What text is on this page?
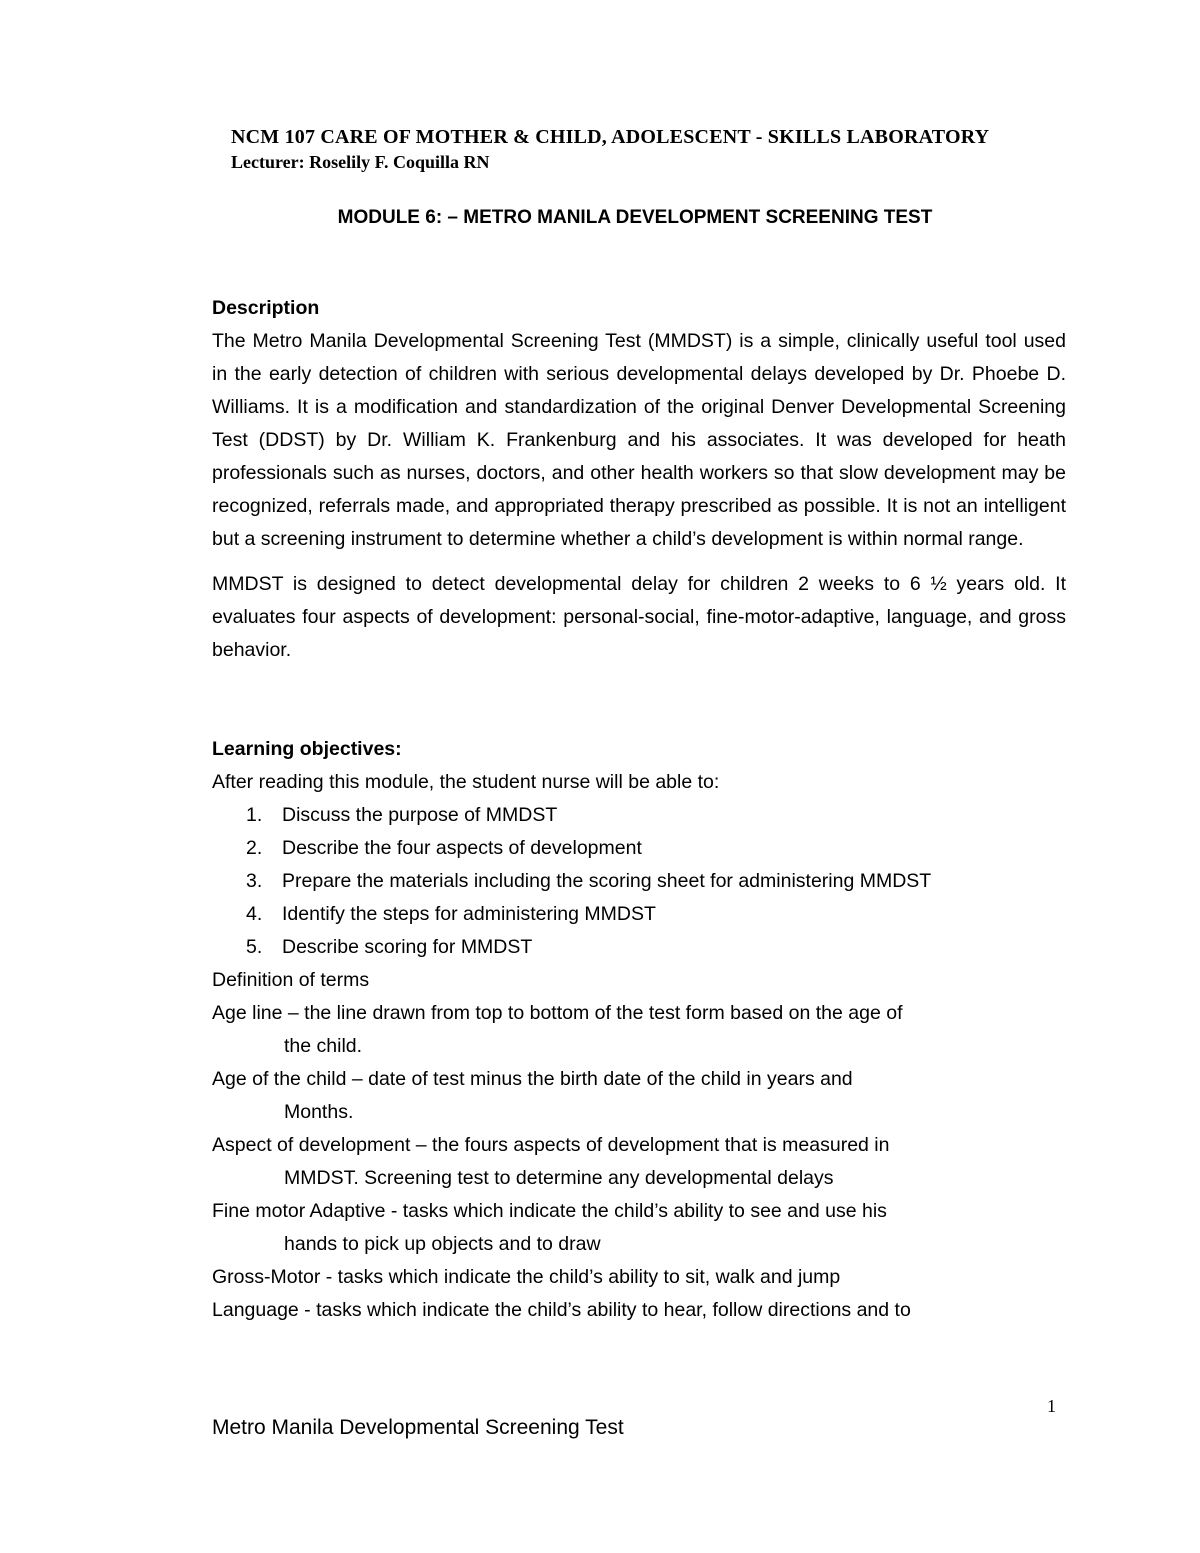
NCM 107 CARE OF MOTHER & CHILD, ADOLESCENT - SKILLS LABORATORY
Lecturer: Roselily F. Coquilla RN
MODULE 6: – METRO MANILA DEVELOPMENT SCREENING TEST

Description

The Metro Manila Developmental Screening Test (MMDST) is a simple, clinically useful tool used in the early detection of children with serious developmental delays developed by Dr. Phoebe D. Williams. It is a modification and standardization of the original Denver Developmental Screening Test (DDST) by Dr. William K. Frankenburg and his associates. It was developed for heath professionals such as nurses, doctors, and other health workers so that slow development may be recognized, referrals made, and appropriated therapy prescribed as possible. It is not an intelligent but a screening instrument to determine whether a child’s development is within normal range.

MMDST is designed to detect developmental delay for children 2 weeks to 6 ½ years old. It evaluates four aspects of development: personal-social, fine-motor-adaptive, language, and gross behavior.

Learning objectives:

After reading this module, the student nurse will be able to:

1.	Discuss the purpose of MMDST
2.	Describe the four aspects of development
3.	Prepare the materials including the scoring sheet for administering MMDST
4.	Identify the steps for administering MMDST
5.	Describe scoring for MMDST

Definition of terms

Age line – the line drawn from top to bottom of the test form based on the age of
the child.

Age of the child – date of test minus the birth date of the child in years and
Months.

Aspect of development – the fours aspects of development that is measured in
MMDST. Screening test to determine any developmental delays

Fine motor Adaptive - tasks which indicate the child’s ability to see and use his
hands to pick up objects and to draw

Gross-Motor - tasks which indicate the child’s ability to sit, walk and jump

Language - tasks which indicate the child’s ability to hear, follow directions and to

1
Metro Manila Developmental Screening Test
